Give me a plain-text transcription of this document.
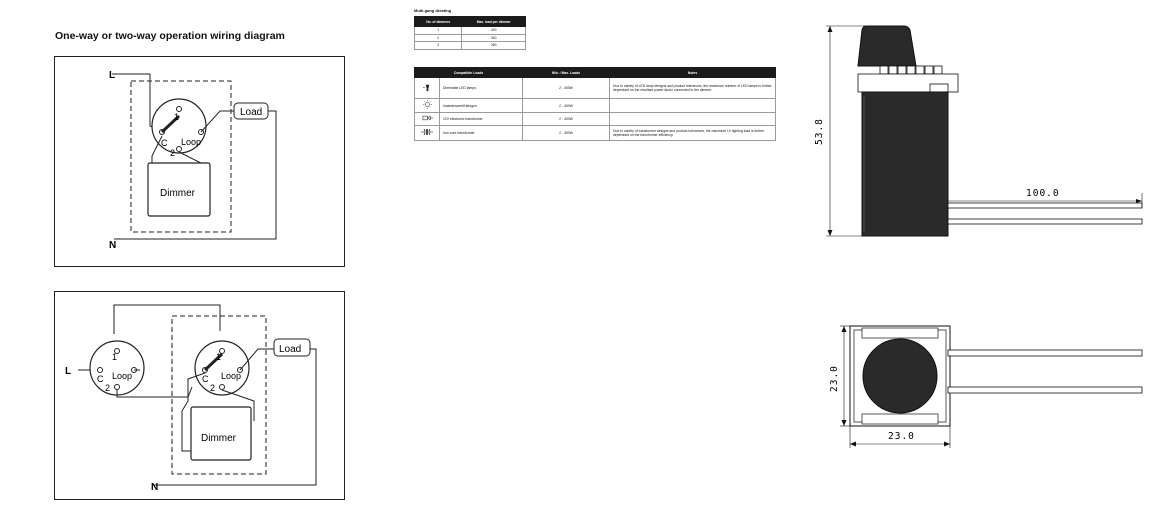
One-way or two-way operation wiring diagram
1
C Loop
2
Load
Dimmer
L
N
1
C Loop
2
1
C Loop
2
Load
Dimmer
L
N
Multi-gang derating
No. of dimmers	Max. load per dimmer
1	400
2	340
3	280
Compatible Loads		Min. / Max. Loads	Notes
	Dimmable LED lamps	2 - 400W	Due to variety of LED lamp designs and product tolerances, the maximum number of LED lamps is further dependant on the resultant power factor connected to the dimmer.
	Incandescent/Halogen	2 - 400W	
	12V electronic transformer	2 - 400W	
	Iron core transformer	2 - 300W	Due to variety of transformer designs and product tolerances, the maximum LV lighting load is further dependant on the transformer efficiency.	53.8
100.0
23.0
23.0
